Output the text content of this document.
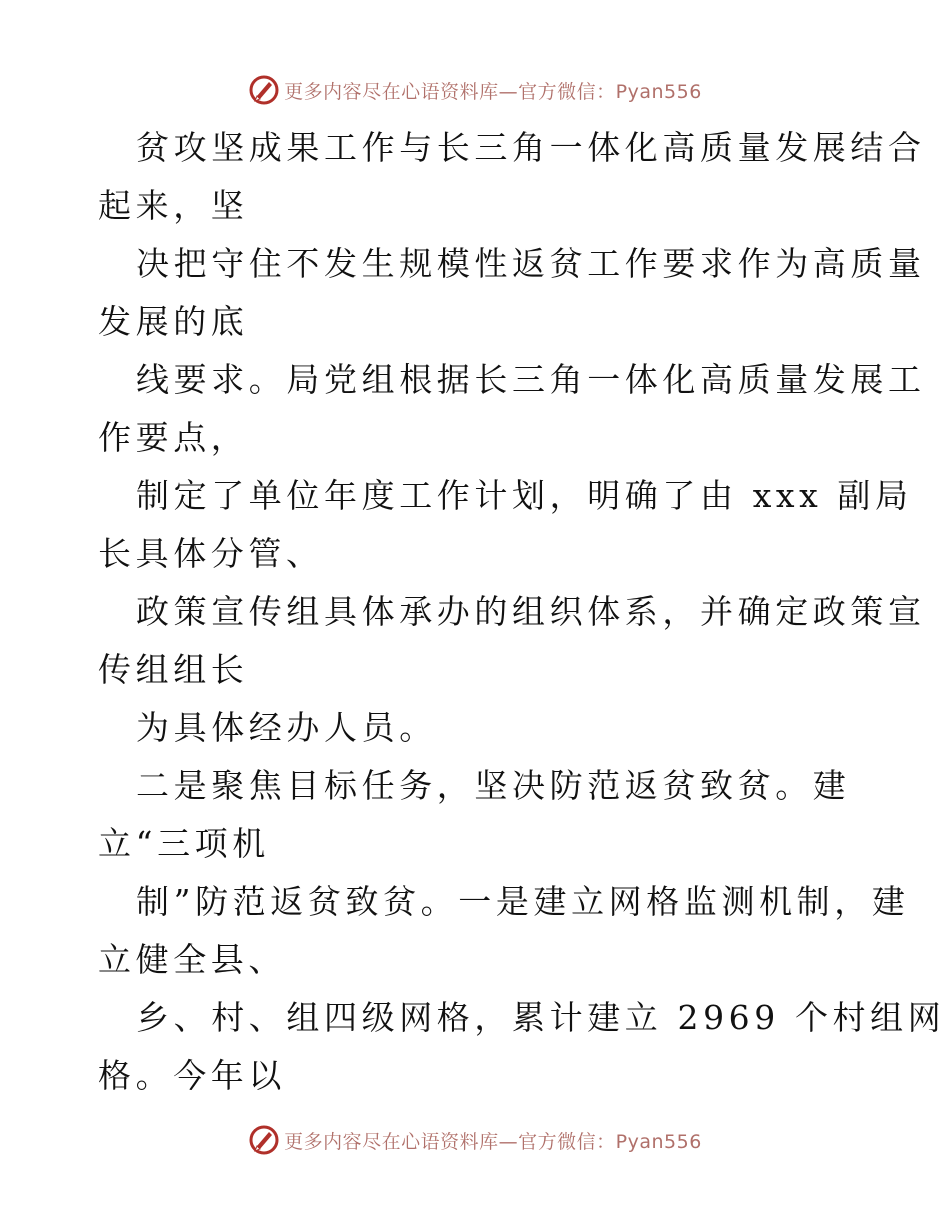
更多内容尽在心语资料库—官方微信：Pyan556
贫攻坚成果工作与长三角一体化高质量发展结合
起来，坚
决把守住不发生规模性返贫工作要求作为高质量
发展的底
线要求。局党组根据长三角一体化高质量发展工
作要点，
制定了单位年度工作计划，明确了由 xxx 副局
长具体分管、
政策宣传组具体承办的组织体系，并确定政策宣
传组组长
为具体经办人员。
二是聚焦目标任务，坚决防范返贫致贫。建
立“三项机
制”防范返贫致贫。一是建立网格监测机制，建
立健全县、
乡、村、组四级网格，累计建立 2969 个村组网
格。今年以
更多内容尽在心语资料库—官方微信：Pyan556
